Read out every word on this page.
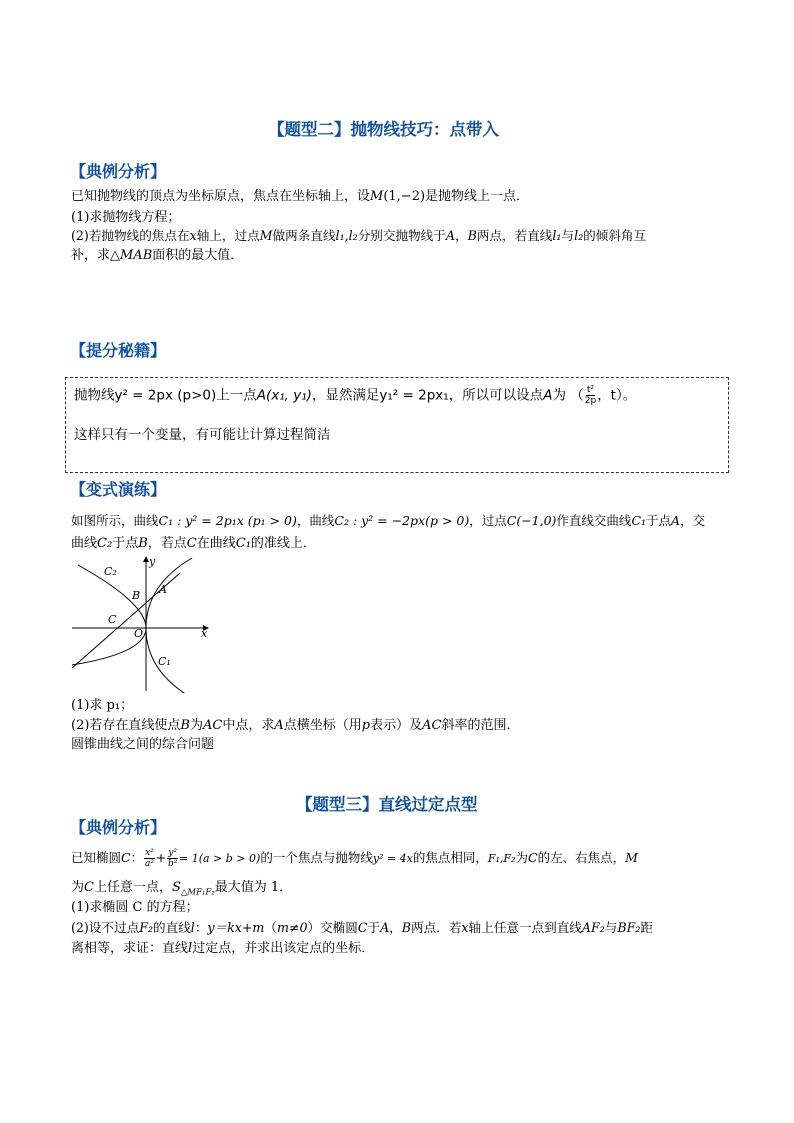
【题型二】抛物线技巧：点带入
【典例分析】
已知抛物线的顶点为坐标原点，焦点在坐标轴上，设M(1,−2)是抛物线上一点．
(1)求抛物线方程；
(2)若抛物线的焦点在x轴上，过点M做两条直线l₁,l₂分别交抛物线于A，B两点，若直线l₁与l₂的倾斜角互
补，求△MAB面积的最大值．
【提分秘籍】
抛物线y² = 2px (p>0)上一点A(x₁, y₁)，显然满足y₁² = 2px₁，所以可以设点A为 （ $\frac{\text{t²}}{2p}$ ，t）。
这样只有一个变量，有可能让计算过程简洁
【变式演练】
如图所示，曲线C₁ : y² = 2p₁x (p₁ > 0)，曲线C₂ : y² = −2px(p > 0)，过点C(−1,0)作直线交曲线C₁于点A，交
曲线C₂于点B，若点C在曲线C₁的准线上．
C₂
y
A
B
C
O	x
C₁
(1)求 p₁；
(2)若存在直线使点B为AC中点，求A点横坐标（用p表示）及AC斜率的范围．
圆锥曲线之间的综合问题
【题型三】直线过定点型
【典例分析】
已知椭圆C： $\frac{\text{x²}}{\text{a²}} + \frac{\text{y²}}{\text{b²}} = 1(a > b > 0)$的一个焦点与抛物线y² = 4x的焦点相同，F₁,F₂为C的左、右焦点，M
为C上任意一点，$S_{\triangle MF_1F_2}$最大值为 1．
(1)求椭圆 C 的方程；
(2)设不过点F₂的直线l：y＝kx+m（m≠0）交椭圆C于A，B两点．若x轴上任意一点到直线AF₂与BF₂距
离相等，求证：直线l过定点，并求出该定点的坐标．
